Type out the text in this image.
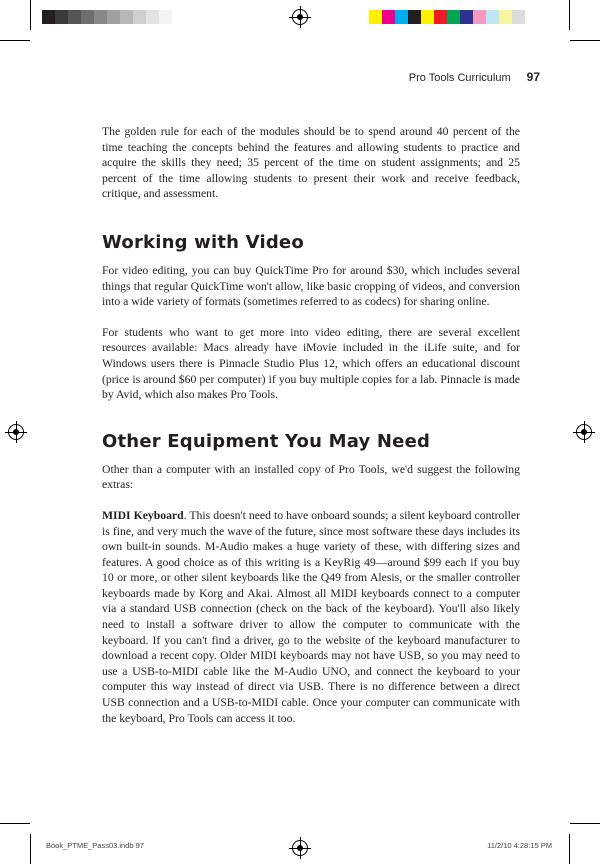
Pro Tools Curriculum 97

The golden rule for each of the modules should be to spend around 40 percent of the time teaching the concepts behind the features and allowing students to practice and acquire the skills they need; 35 percent of the time on student assignments; and 25 percent of the time allowing students to present their work and receive feedback, critique, and assessment.

Working with Video

For video editing, you can buy QuickTime Pro for around $30, which includes several things that regular QuickTime won't allow, like basic cropping of videos, and conversion into a wide variety of formats (sometimes referred to as codecs) for sharing online.

For students who want to get more into video editing, there are several excellent resources available: Macs already have iMovie included in the iLife suite, and for Windows users there is Pinnacle Studio Plus 12, which offers an educational discount (price is around $60 per computer) if you buy multiple copies for a lab. Pinnacle is made by Avid, which also makes Pro Tools.

Other Equipment You May Need

Other than a computer with an installed copy of Pro Tools, we'd suggest the following extras:

MIDI Keyboard. This doesn't need to have onboard sounds; a silent keyboard controller is fine, and very much the wave of the future, since most software these days includes its own built-in sounds. M-Audio makes a huge variety of these, with differing sizes and features. A good choice as of this writing is a KeyRig 49—around $99 each if you buy 10 or more, or other silent keyboards like the Q49 from Alesis, or the smaller controller keyboards made by Korg and Akai. Almost all MIDI keyboards connect to a computer via a standard USB connection (check on the back of the keyboard). You'll also likely need to install a software driver to allow the computer to communicate with the keyboard. If you can't find a driver, go to the website of the keyboard manufacturer to download a recent copy. Older MIDI keyboards may not have USB, so you may need to use a USB-to-MIDI cable like the M-Audio UNO, and connect the keyboard to your computer this way instead of direct via USB. There is no difference between a direct USB connection and a USB-to-MIDI cable. Once your computer can communicate with the keyboard, Pro Tools can access it too.

Book_PTME_Pass03.indb 97	11/2/10 4:28:15 PM
